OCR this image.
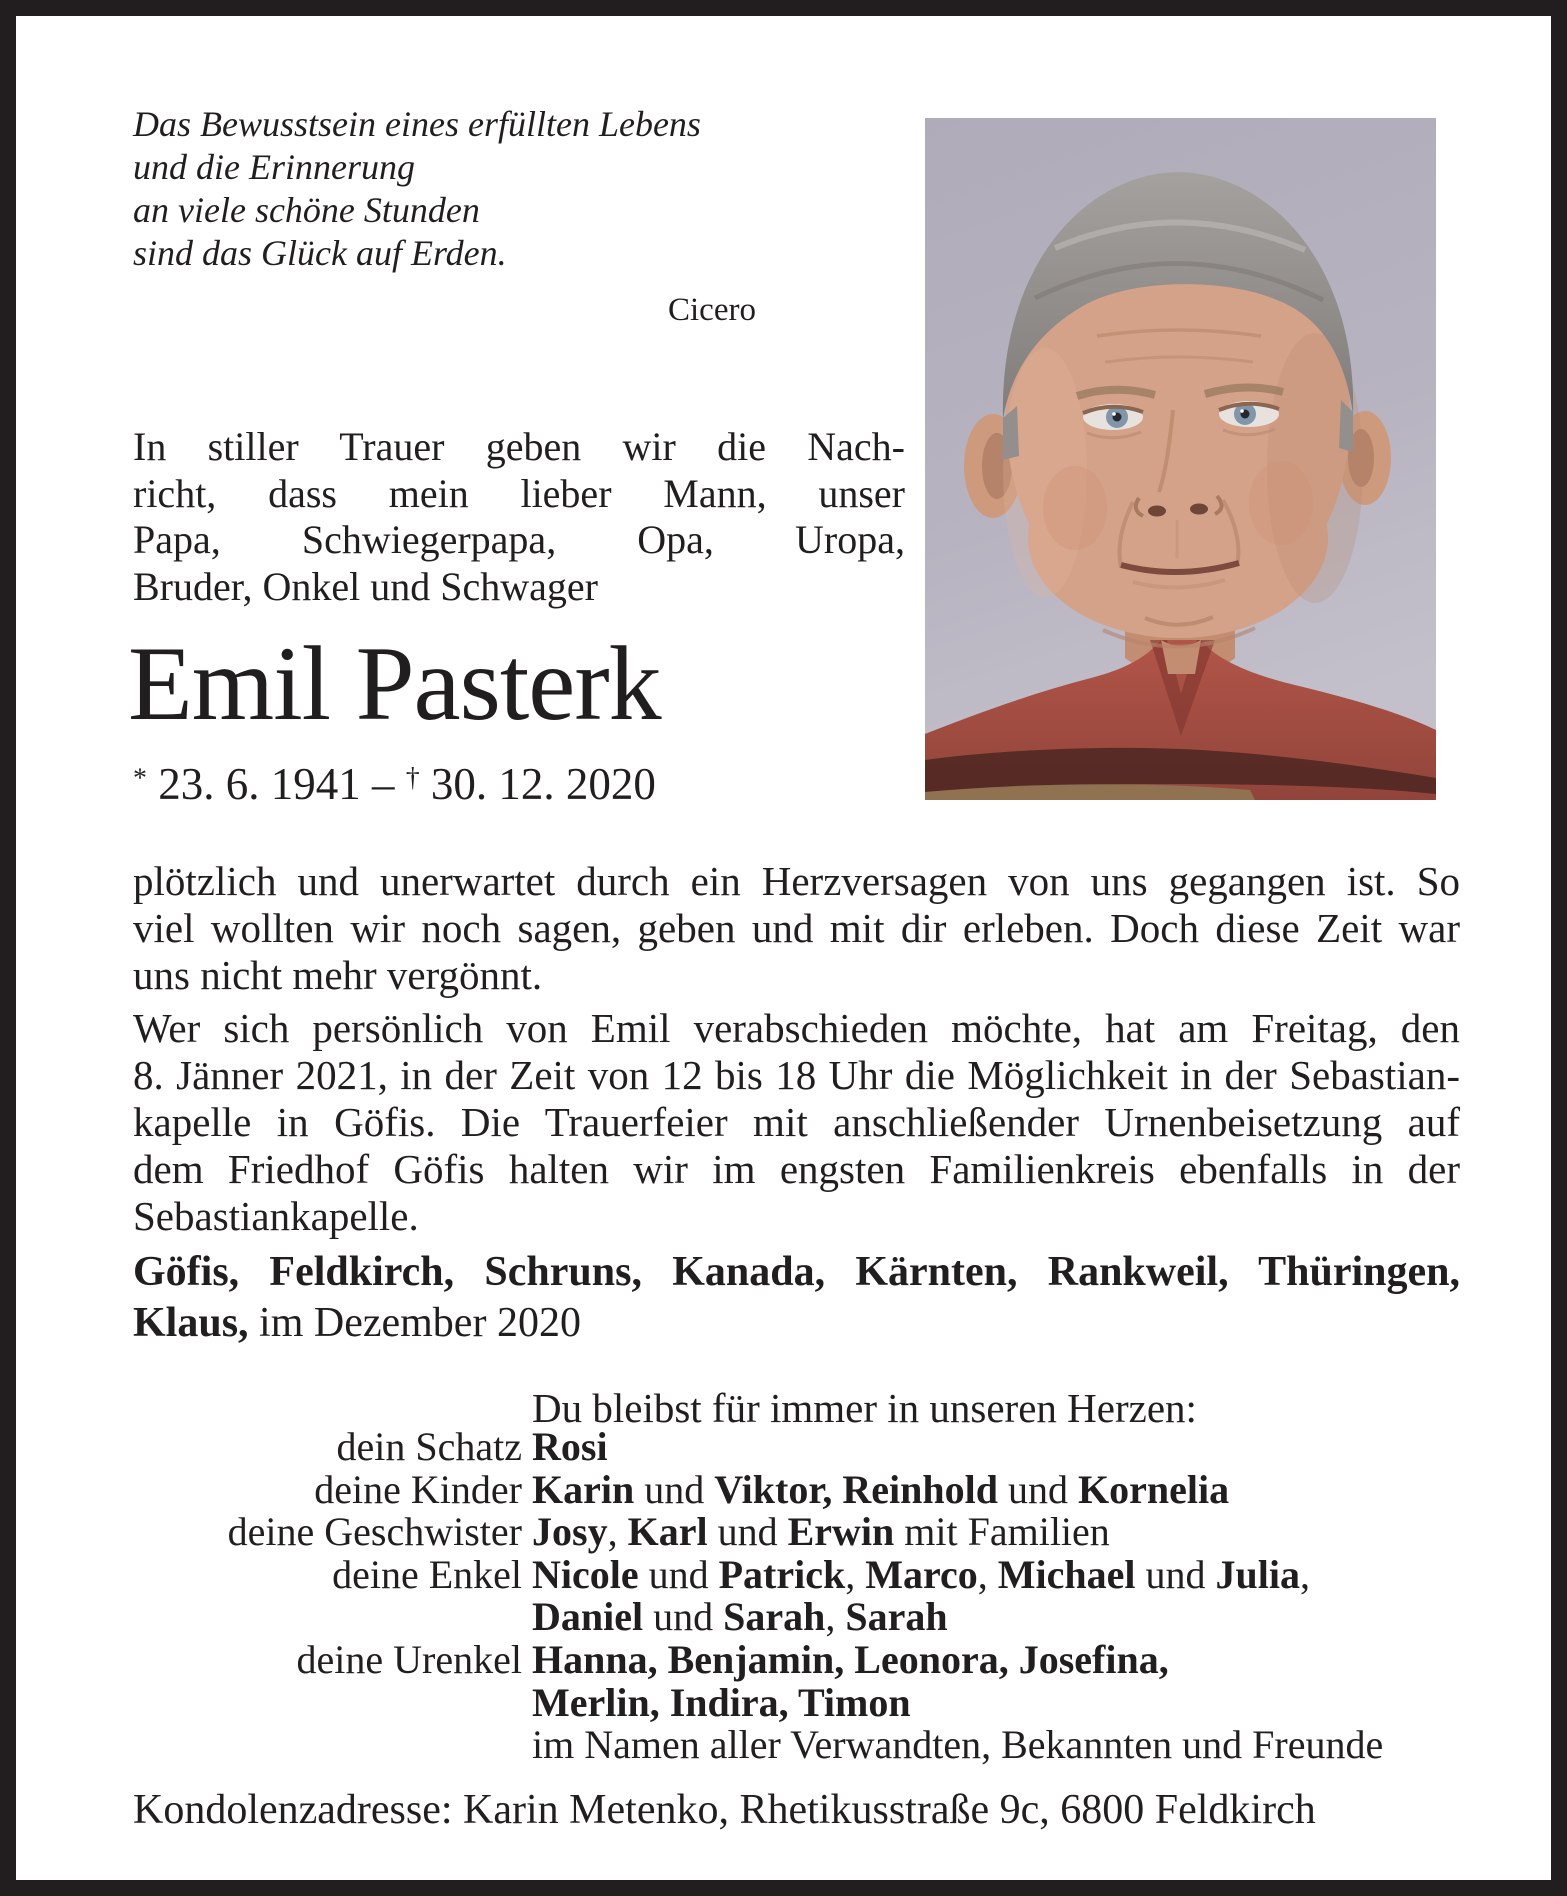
Das Bewusstsein eines erfüllten Lebens
und die Erinnerung
an viele schöne Stunden
sind das Glück auf Erden.
Cicero
In stiller Trauer geben wir die Nach-
richt, dass mein lieber Mann, unser
Papa, Schwiegerpapa, Opa, Uropa,
Bruder, Onkel und Schwager
Emil Pasterk
* 23. 6. 1941 – † 30. 12. 2020
plötzlich und unerwartet durch ein Herzversagen von uns gegangen ist. So
viel wollten wir noch sagen, geben und mit dir erleben. Doch diese Zeit war
uns nicht mehr vergönnt.
Wer sich persönlich von Emil verabschieden möchte, hat am Freitag, den
8. Jänner 2021, in der Zeit von 12 bis 18 Uhr die Möglichkeit in der Sebastian-
kapelle in Göfis. Die Trauerfeier mit anschließender Urnenbeisetzung auf
dem Friedhof Göfis halten wir im engsten Familienkreis ebenfalls in der
Sebastiankapelle.
Göfis, Feldkirch, Schruns, Kanada, Kärnten, Rankweil, Thüringen,
Klaus, im Dezember 2020
Du bleibst für immer in unseren Herzen:
dein Schatz Rosi
deine Kinder Karin und Viktor, Reinhold und Kornelia
deine Geschwister Josy, Karl und Erwin mit Familien
deine Enkel Nicole und Patrick, Marco, Michael und Julia,
Daniel und Sarah, Sarah
deine Urenkel Hanna, Benjamin, Leonora, Josefina,
Merlin, Indira, Timon
im Namen aller Verwandten, Bekannten und Freunde
Kondolenzadresse: Karin Metenko, Rhetikusstraße 9c, 6800 Feldkirch
